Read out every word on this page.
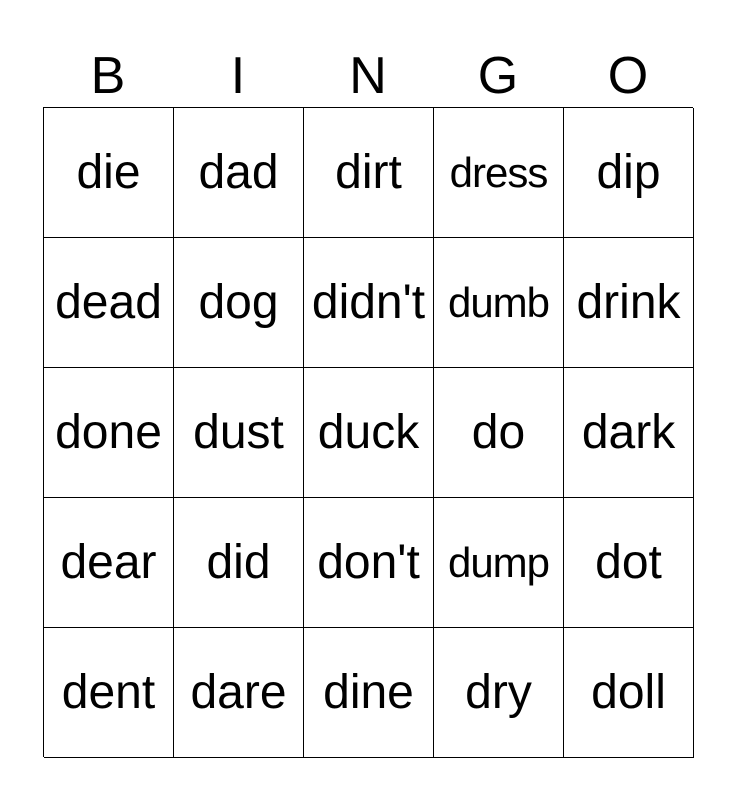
B	I	N	G	O
die dad dirt dress dip
dead dog didn't dumb drink
done dust duck do dark
dear did don't dump dot
dent dare dine dry doll
